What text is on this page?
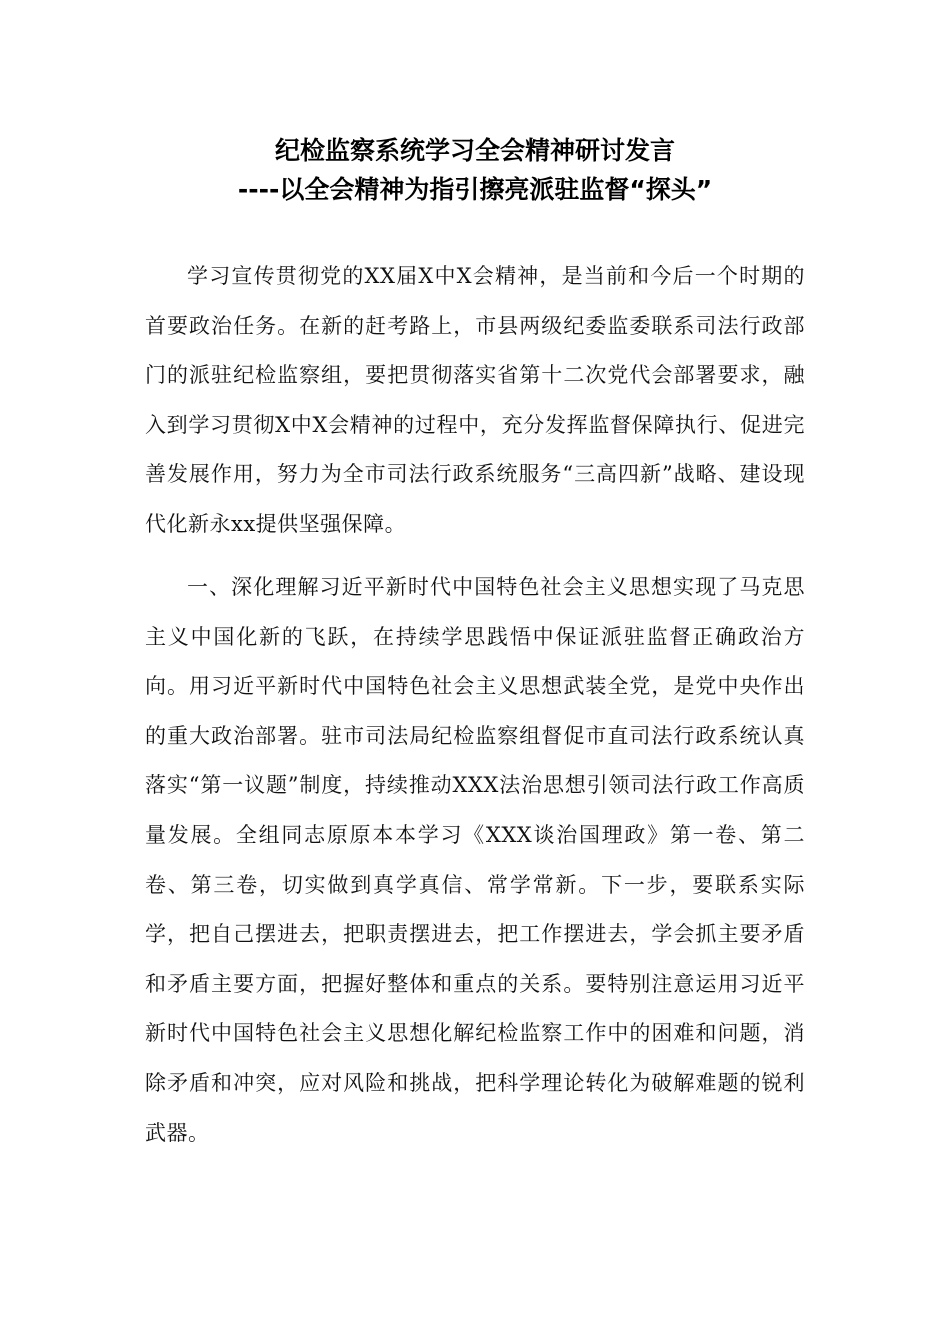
纪检监察系统学习全会精神研讨发言
----以全会精神为指引擦亮派驻监督“探头”

学习宣传贯彻党的XX届X中X会精神，是当前和今后一个时期的首要政治任务。在新的赶考路上，市县两级纪委监委联系司法行政部门的派驻纪检监察组，要把贯彻落实省第十二次党代会部署要求，融入到学习贯彻X中X会精神的过程中，充分发挥监督保障执行、促进完善发展作用，努力为全市司法行政系统服务“三高四新”战略、建设现代化新永xx提供坚强保障。

一、深化理解习近平新时代中国特色社会主义思想实现了马克思主义中国化新的飞跃，在持续学思践悟中保证派驻监督正确政治方向。用习近平新时代中国特色社会主义思想武装全党，是党中央作出的重大政治部署。驻市司法局纪检监察组督促市直司法行政系统认真落实“第一议题”制度，持续推动XXX法治思想引领司法行政工作高质量发展。全组同志原原本本学习《XXX谈治国理政》第一卷、第二卷、第三卷，切实做到真学真信、常学常新。下一步，要联系实际学，把自己摆进去，把职责摆进去，把工作摆进去，学会抓主要矛盾和矛盾主要方面，把握好整体和重点的关系。要特别注意运用习近平新时代中国特色社会主义思想化解纪检监察工作中的困难和问题，消除矛盾和冲突，应对风险和挑战，把科学理论转化为破解难题的锐利武器。
